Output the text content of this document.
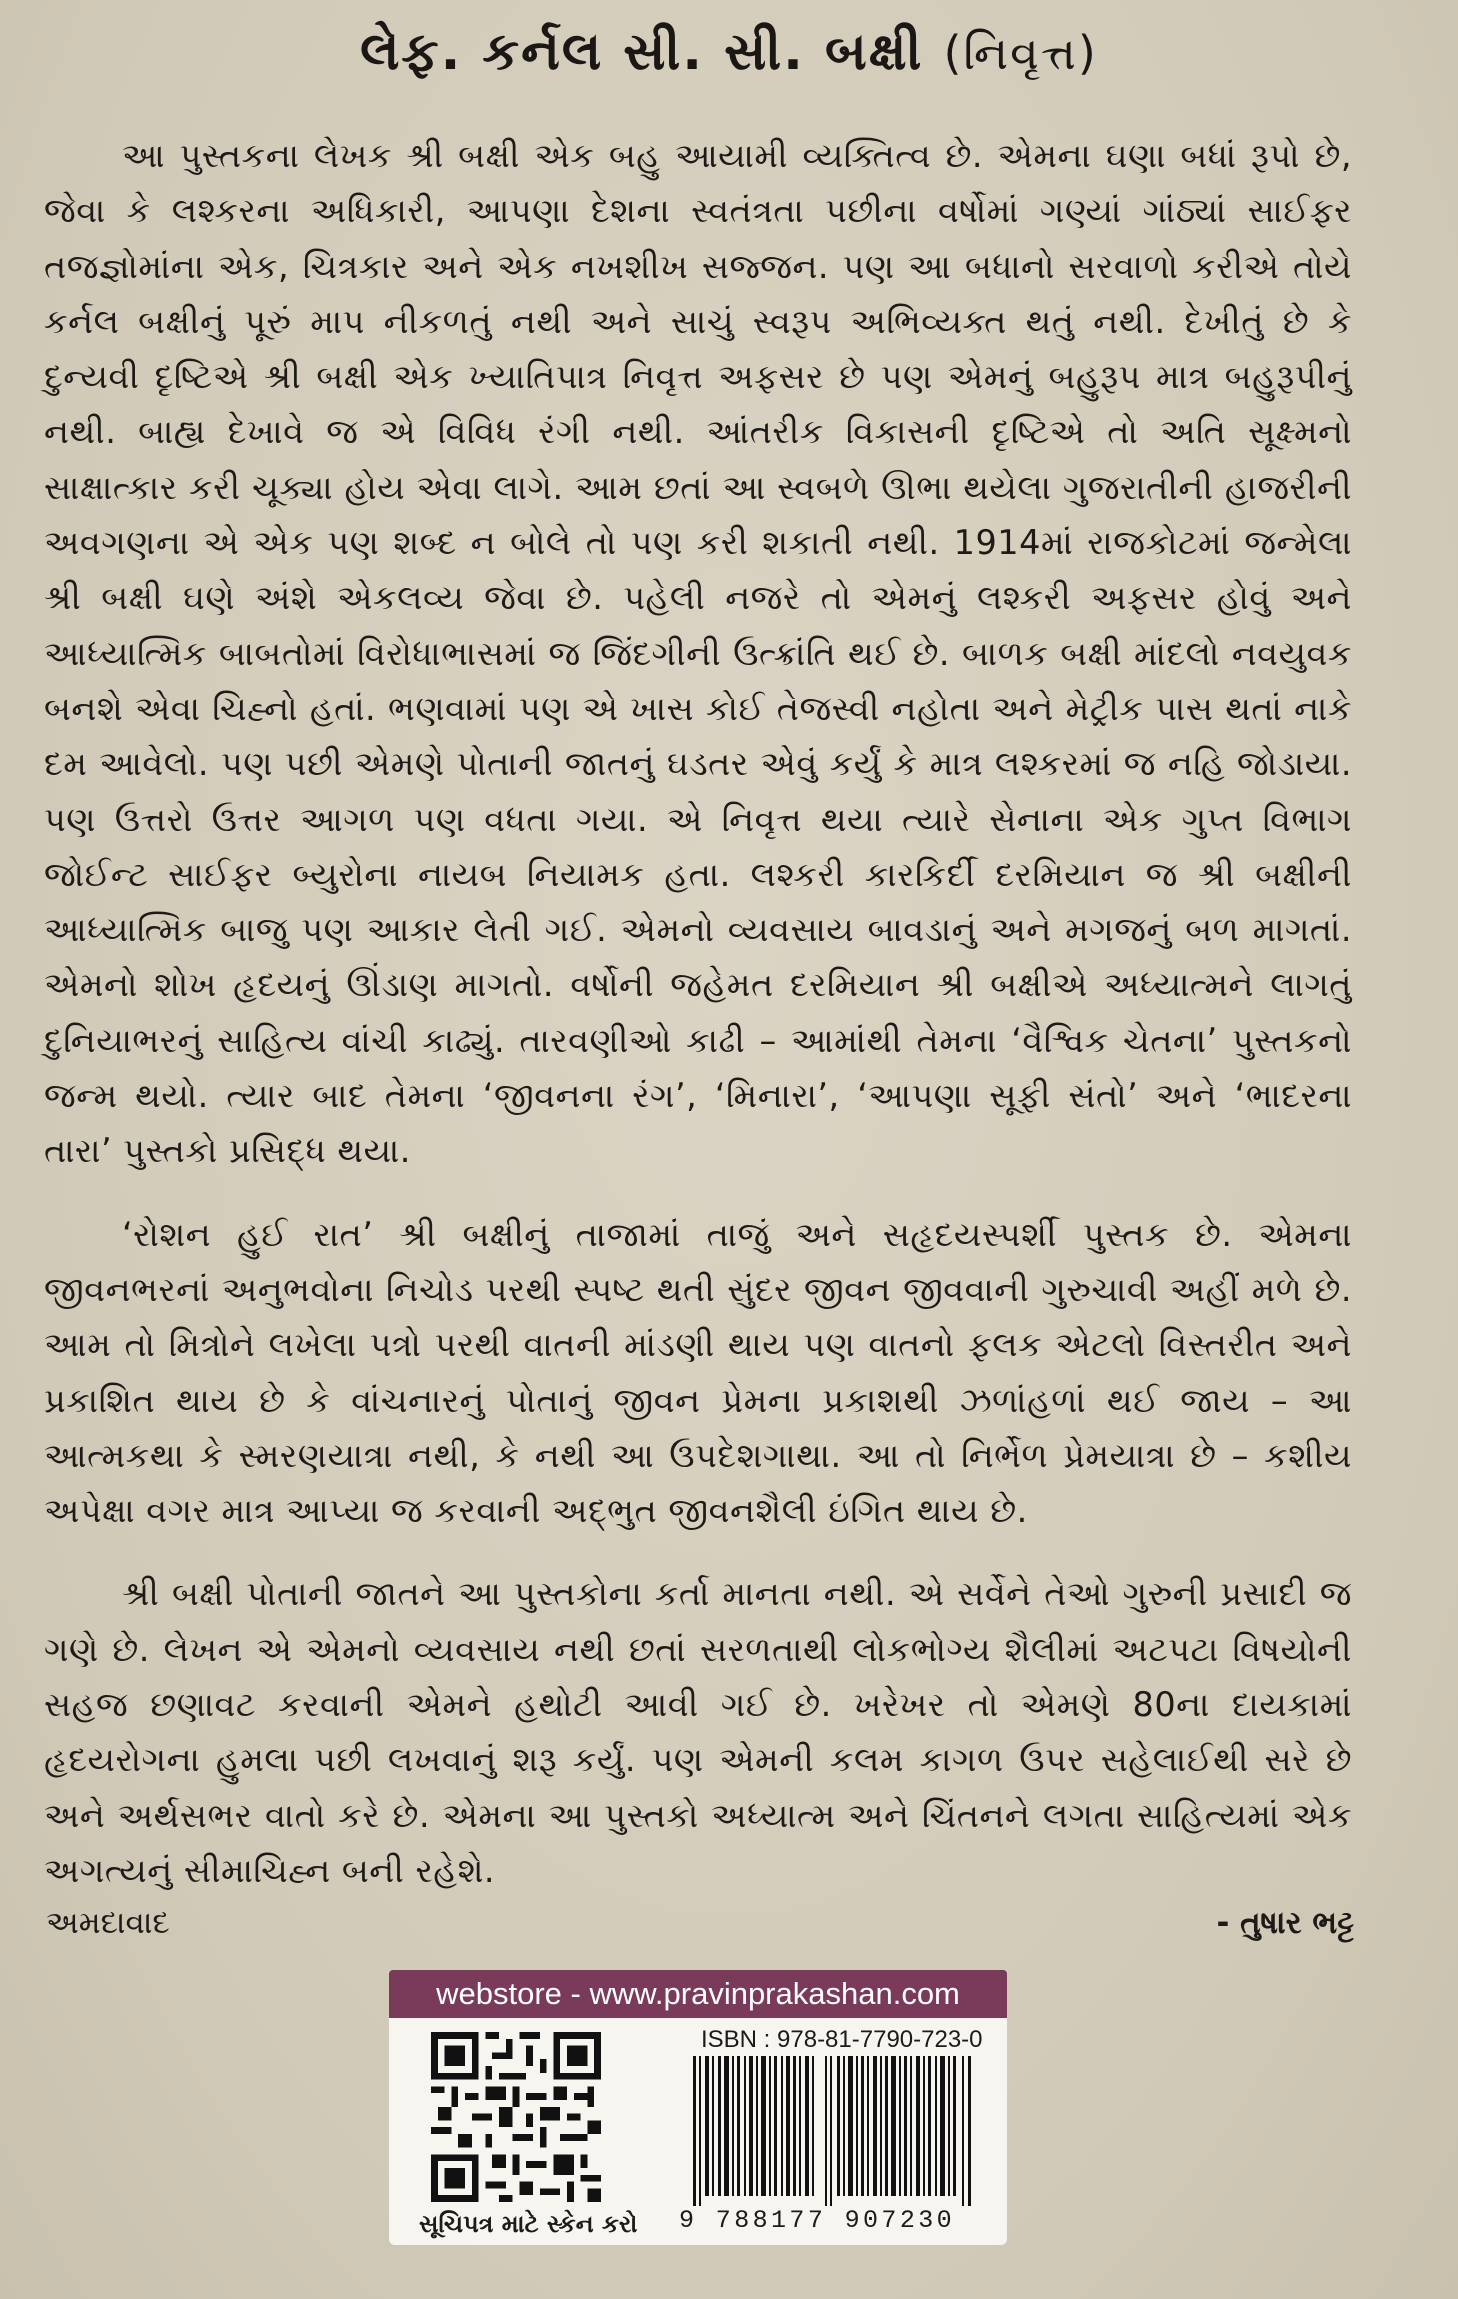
લેફ. કર્નલ સી. સી. બક્ષી (નિવૃત્ત)

આ પુસ્તકના લેખક શ્રી બક્ષી એક બહુ આયામી વ્યક્તિત્વ છે. એમના ઘણા બધાં રૂપો છે, જેવા કે લશ્કરના અધિકારી, આપણા દેશના સ્વતંત્રતા પછીના વર્ષોમાં ગણ્યાં ગાંઠ્યાં સાઈફર તજજ્ઞોમાંના એક, ચિત્રકાર અને એક નખશીખ સજ્જન. પણ આ બધાનો સરવાળો કરીએ તોયે કર્નલ બક્ષીનું પૂરું માપ નીકળતું નથી અને સાચું સ્વરૂપ અભિવ્યક્ત થતું નથી. દેખીતું છે કે દુન્યવી દૃષ્ટિએ શ્રી બક્ષી એક ખ્યાતિપાત્ર નિવૃત્ત અફસર છે પણ એમનું બહુરૂપ માત્ર બહુરૂપીનું નથી. બાહ્ય દેખાવે જ એ વિવિધ રંગી નથી. આંતરીક વિકાસની દૃષ્ટિએ તો અતિ સૂક્ષ્મનો સાક્ષાત્કાર કરી ચૂક્યા હોય એવા લાગે. આમ છતાં આ સ્વબળે ઊભા થયેલા ગુજરાતીની હાજરીની અવગણના એ એક પણ શબ્દ ન બોલે તો પણ કરી શકાતી નથી. 1914માં રાજકોટમાં જન્મેલા શ્રી બક્ષી ઘણે અંશે એકલવ્ય જેવા છે. પહેલી નજરે તો એમનું લશ્કરી અફસર હોવું અને આધ્યાત્મિક બાબતોમાં વિરોધાભાસમાં જ જિંદગીની ઉત્ક્રાંતિ થઈ છે. બાળક બક્ષી માંદલો નવયુવક બનશે એવા ચિહ્નો હતાં. ભણવામાં પણ એ ખાસ કોઈ તેજસ્વી નહોતા અને મેટ્રીક પાસ થતાં નાકે દમ આવેલો. પણ પછી એમણે પોતાની જાતનું ઘડતર એવું કર્યું કે માત્ર લશ્કરમાં જ નહિ જોડાયા. પણ ઉત્તરો ઉત્તર આગળ પણ વધતા ગયા. એ નિવૃત્ત થયા ત્યારે સેનાના એક ગુપ્ત વિભાગ જોઈન્ટ સાઈફર બ્યુરોના નાયબ નિયામક હતા. લશ્કરી કારકિર્દી દરમિયાન જ શ્રી બક્ષીની આધ્યાત્મિક બાજુ પણ આકાર લેતી ગઈ. એમનો વ્યવસાય બાવડાનું અને મગજનું બળ માગતાં. એમનો શોખ હૃદયનું ઊંડાણ માગતો. વર્ષોની જહેમત દરમિયાન શ્રી બક્ષીએ અધ્યાત્મને લાગતું દુનિયાભરનું સાહિત્ય વાંચી કાઢ્યું. તારવણીઓ કાઢી – આમાંથી તેમના ‘વૈશ્વિક ચેતના’ પુસ્તકનો જન્મ થયો. ત્યાર બાદ તેમના ‘જીવનના રંગ’, ‘મિનારા’, ‘આપણા સૂફી સંતો’ અને ‘ભાદરના તારા’ પુસ્તકો પ્રસિદ્ધ થયા.

‘રોશન હુઈ રાત’ શ્રી બક્ષીનું તાજામાં તાજું અને સહૃદયસ્પર્શી પુસ્તક છે. એમના જીવનભરનાં અનુભવોના નિચોડ પરથી સ્પષ્ટ થતી સુંદર જીવન જીવવાની ગુરુચાવી અહીં મળે છે. આમ તો મિત્રોને લખેલા પત્રો પરથી વાતની માંડણી થાય પણ વાતનો ફલક એટલો વિસ્તરીત અને પ્રકાશિત થાય છે કે વાંચનારનું પોતાનું જીવન પ્રેમના પ્રકાશથી ઝળાંહળાં થઈ જાય – આ આત્મકથા કે સ્મરણયાત્રા નથી, કે નથી આ ઉપદેશગાથા. આ તો નિર્ભેળ પ્રેમયાત્રા છે – કશીય અપેક્ષા વગર માત્ર આપ્યા જ કરવાની અદ્‌ભુત જીવનશૈલી ઇંગિત થાય છે.

શ્રી બક્ષી પોતાની જાતને આ પુસ્તકોના કર્તા માનતા નથી. એ સર્વેને તેઓ ગુરુની પ્રસાદી જ ગણે છે. લેખન એ એમનો વ્યવસાય નથી છતાં સરળતાથી લોકભોગ્ય શૈલીમાં અટપટા વિષયોની સહજ છણાવટ કરવાની એમને હથોટી આવી ગઈ છે. ખરેખર તો એમણે 80ના દાયકામાં હૃદયરોગના હુમલા પછી લખવાનું શરૂ કર્યું. પણ એમની કલમ કાગળ ઉપર સહેલાઈથી સરે છે અને અર્થસભર વાતો કરે છે. એમના આ પુસ્તકો અધ્યાત્મ અને ચિંતનને લગતા સાહિત્યમાં એક અગત્યનું સીમાચિહ્ન બની રહેશે.

અમદાવાદ	- તુષાર ભટ્ટ
webstore - www.pravinprakashan.com
સૂચિપત્ર માટે સ્કેન કરો
ISBN : 978-81-7790-723-0
9 788177 907230
